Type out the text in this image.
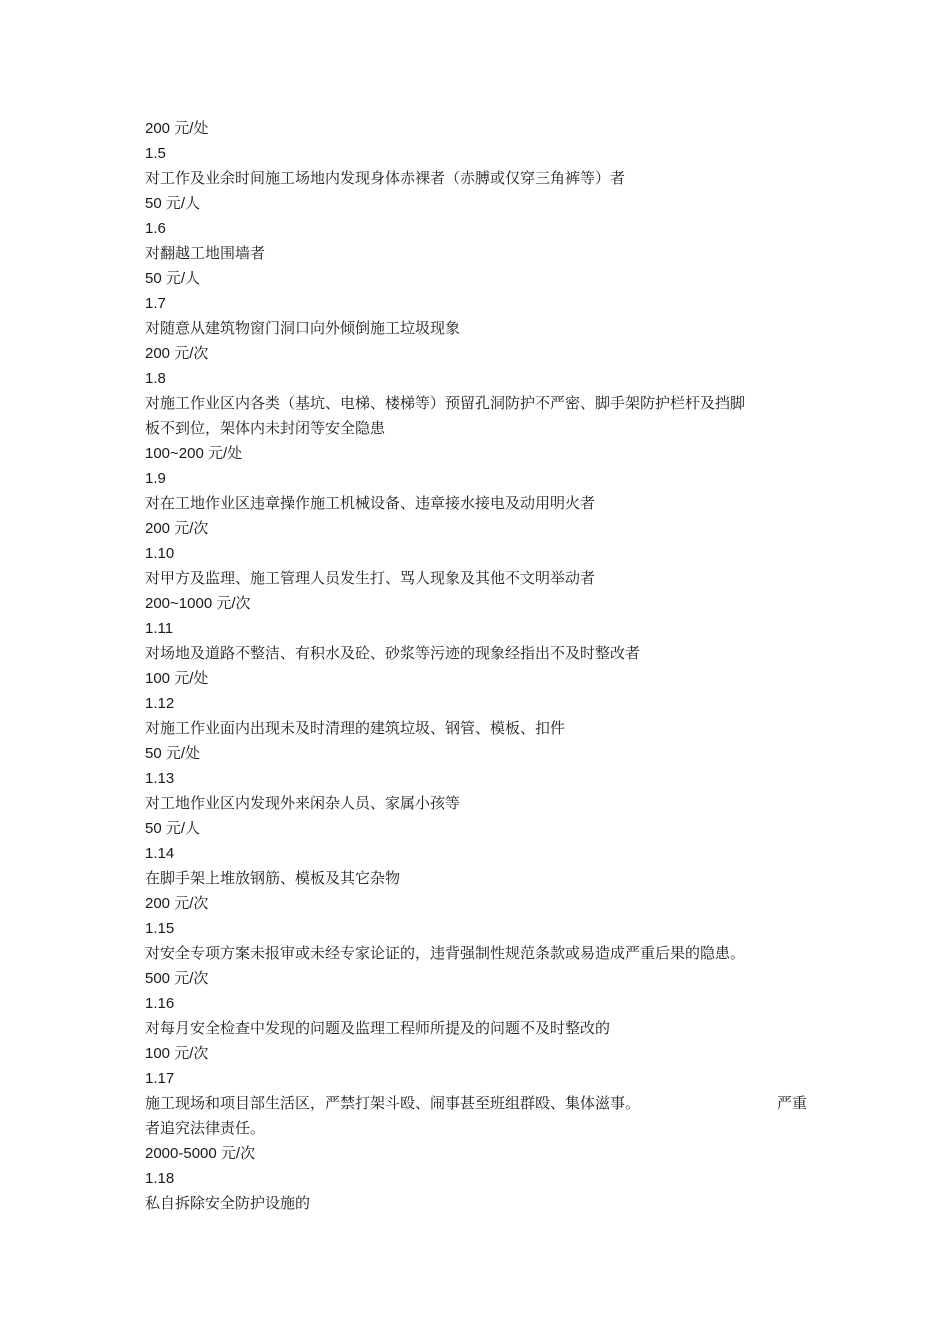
200 元/处
1.5
对工作及业余时间施工场地内发现身体赤裸者（赤膊或仅穿三角裤等）者
50 元/人
1.6
对翻越工地围墙者
50 元/人
1.7
对随意从建筑物窗门洞口向外倾倒施工垃圾现象
200 元/次
1.8
对施工作业区内各类（基坑、电梯、楼梯等）预留孔洞防护不严密、脚手架防护栏杆及挡脚
板不到位，架体内未封闭等安全隐患
100~200 元/处
1.9
对在工地作业区违章操作施工机械设备、违章接水接电及动用明火者
200 元/次
1.10
对甲方及监理、施工管理人员发生打、骂人现象及其他不文明举动者
200~1000 元/次
1.11
对场地及道路不整洁、有积水及砼、砂浆等污迹的现象经指出不及时整改者
100 元/处
1.12
对施工作业面内出现未及时清理的建筑垃圾、钢管、模板、扣件
50 元/处
1.13
对工地作业区内发现外来闲杂人员、家属小孩等
50 元/人
1.14
在脚手架上堆放钢筋、模板及其它杂物
200 元/次
1.15
对安全专项方案未报审或未经专家论证的，违背强制性规范条款或易造成严重后果的隐患。
500 元/次
1.16
对每月安全检查中发现的问题及监理工程师所提及的问题不及时整改的
100 元/次
1.17
施工现场和项目部生活区，严禁打架斗殴、闹事甚至班组群殴、集体滋事。	严重
者追究法律责任。
2000-5000 元/次
1.18
私自拆除安全防护设施的
